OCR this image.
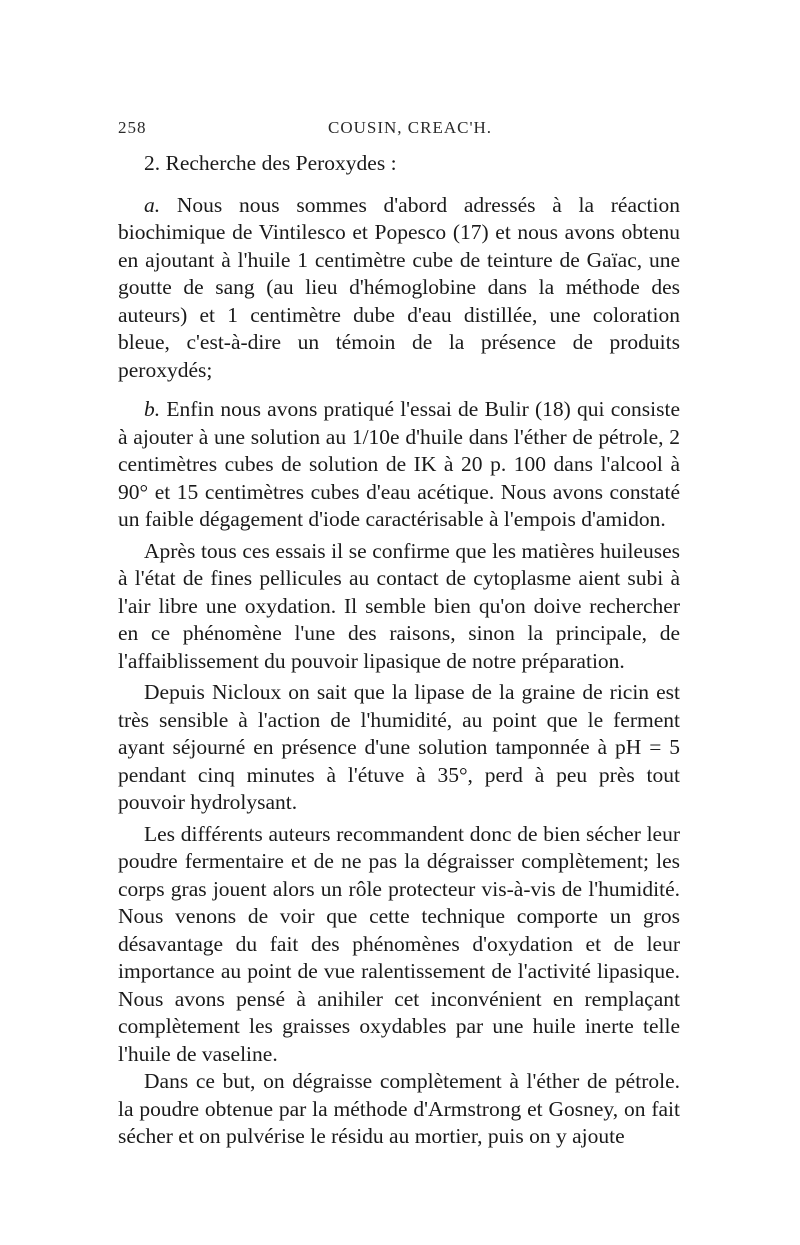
258	COUSIN, CREAC'H.

2. Recherche des Peroxydes :

a. Nous nous sommes d'abord adressés à la réaction biochimique de Vintilesco et Popesco (17) et nous avons obtenu en ajoutant à l'huile 1 centimètre cube de teinture de Gaïac, une goutte de sang (au lieu d'hémoglobine dans la méthode des auteurs) et 1 centimètre dube d'eau distillée, une coloration bleue, c'est-à-dire un témoin de la présence de produits peroxydés;

b. Enfin nous avons pratiqué l'essai de Bulir (18) qui consiste à ajouter à une solution au 1/10e d'huile dans l'éther de pétrole, 2 centimètres cubes de solution de IK à 20 p. 100 dans l'alcool à 90° et 15 centimètres cubes d'eau acétique. Nous avons constaté un faible dégagement d'iode caractérisable à l'empois d'amidon.

Après tous ces essais il se confirme que les matières huileuses à l'état de fines pellicules au contact de cytoplasme aient subi à l'air libre une oxydation. Il semble bien qu'on doive rechercher en ce phénomène l'une des raisons, sinon la principale, de l'affaiblissement du pouvoir lipasique de notre préparation.

Depuis Nicloux on sait que la lipase de la graine de ricin est très sensible à l'action de l'humidité, au point que le ferment ayant séjourné en présence d'une solution tamponnée à pH = 5 pendant cinq minutes à l'étuve à 35°, perd à peu près tout pouvoir hydrolysant.

Les différents auteurs recommandent donc de bien sécher leur poudre fermentaire et de ne pas la dégraisser complètement; les corps gras jouent alors un rôle protecteur vis-à-vis de l'humidité. Nous venons de voir que cette technique comporte un gros désavantage du fait des phénomènes d'oxydation et de leur importance au point de vue ralentissement de l'activité lipasique. Nous avons pensé à anihiler cet inconvénient en remplaçant complètement les graisses oxydables par une huile inerte telle l'huile de vaseline.

Dans ce but, on dégraisse complètement à l'éther de pétrole. la poudre obtenue par la méthode d'Armstrong et Gosney, on fait sécher et on pulvérise le résidu au mortier, puis on y ajoute
